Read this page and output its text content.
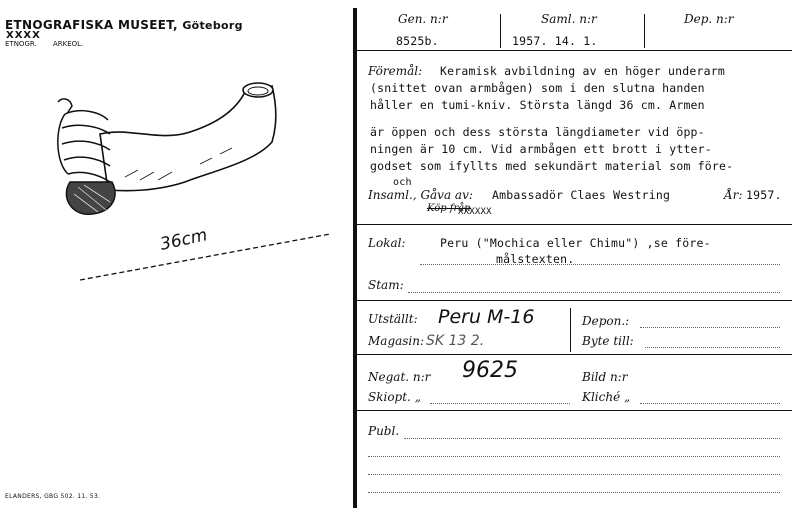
ETNOGRAFISKA MUSEET, Göteborg
XXXX
ETNOGR. ARKEOL.
36cm
ELANDERS, GBG 502. 11. 53.
Gen. n:r	Saml. n:r	Dep. n:r
8525b.	1957. 14. 1.
Föremål: Keramisk avbildning av en höger underarm
(snittet ovan armbågen) som i den slutna handen
håller en tumi-kniv. Största längd 36 cm. Armen
är öppen och dess största längdiameter vid öpp-
ningen är 10 cm. Vid armbågen ett brott i ytter-
godset som ifyllts med sekundärt material som före-
och
Insaml., Gåva av: Ambassadör Claes Westring	År: 1957.
Köp från
XXXXXX
Lokal:	Peru ("Mochica eller Chimu") ,se före-
målstexten.
Stam:
Utställt: Peru M-16	Depon.:
Magasin: SK 13 2.	Byte till:
Negat. n:r 9625	Bild n:r
Skiopt. „	Kliché „
Publ.
